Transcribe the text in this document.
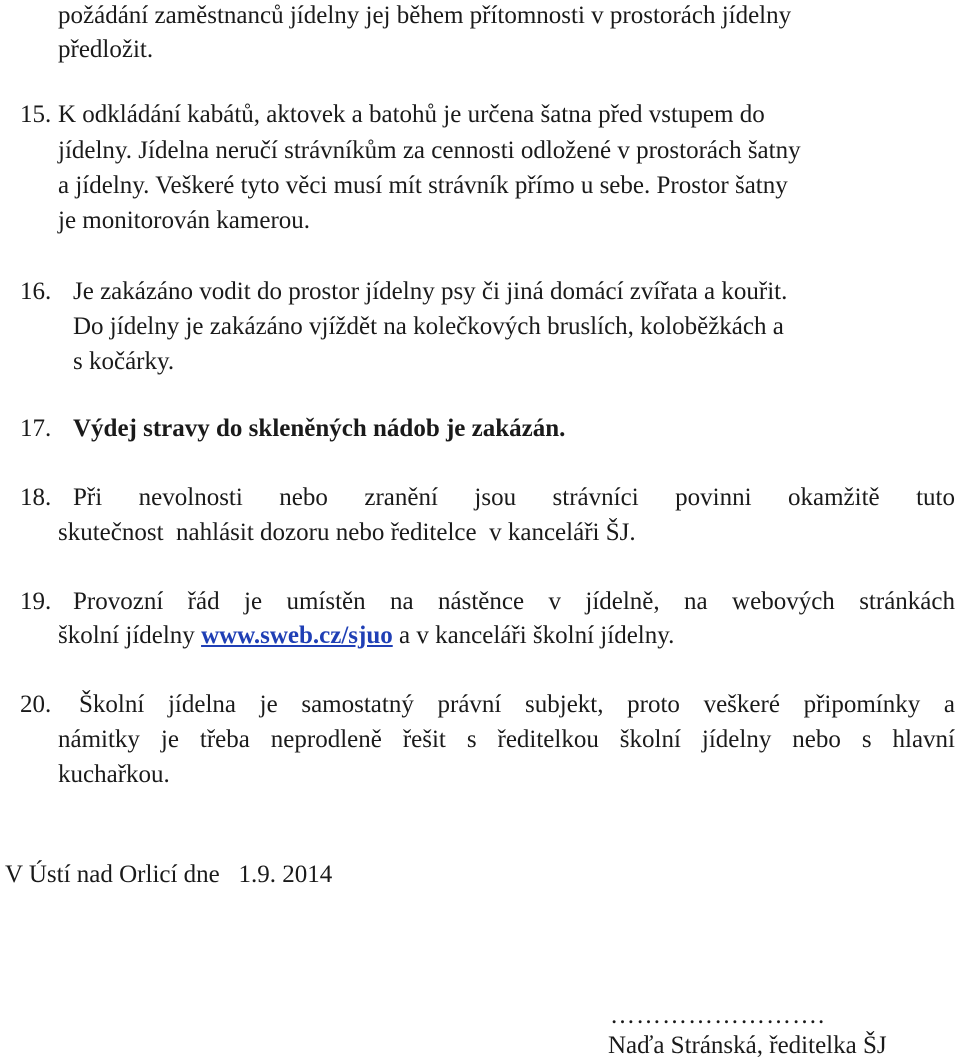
požádání zaměstnanců jídelny jej během přítomnosti v prostorách jídelny

předložit.

15. K odkládání kabátů, aktovek a batohů je určena šatna před vstupem do

jídelny. Jídelna neručí strávníkům za cennosti odložené v prostorách šatny

a jídelny. Veškeré tyto věci musí mít strávník přímo u sebe. Prostor šatny

je monitorován kamerou.

16. Je zakázáno vodit do prostor jídelny psy či jiná domácí zvířata a kouřit.

Do jídelny je zakázáno vjíždět na kolečkových bruslích, koloběžkách a

s kočárky.

17. Výdej stravy do skleněných nádob je zakázán.

18. Při nevolnosti nebo zranění jsou strávníci povinni okamžitě tuto

skutečnost  nahlásit dozoru nebo ředitelce  v kanceláři ŠJ.

19. Provozní řád je umístěn na nástěnce v jídelně, na webových stránkách

školní jídelny www.sweb.cz/sjuo a v kanceláři školní jídelny.

20. Školní jídelna je samostatný právní subjekt, proto veškeré připomínky a

námitky je třeba neprodleně řešit s ředitelkou školní jídelny nebo s hlavní

kuchařkou.

V Ústí nad Orlicí dne   1.9. 2014

…………………….

Naďa Stránská, ředitelka ŠJ
